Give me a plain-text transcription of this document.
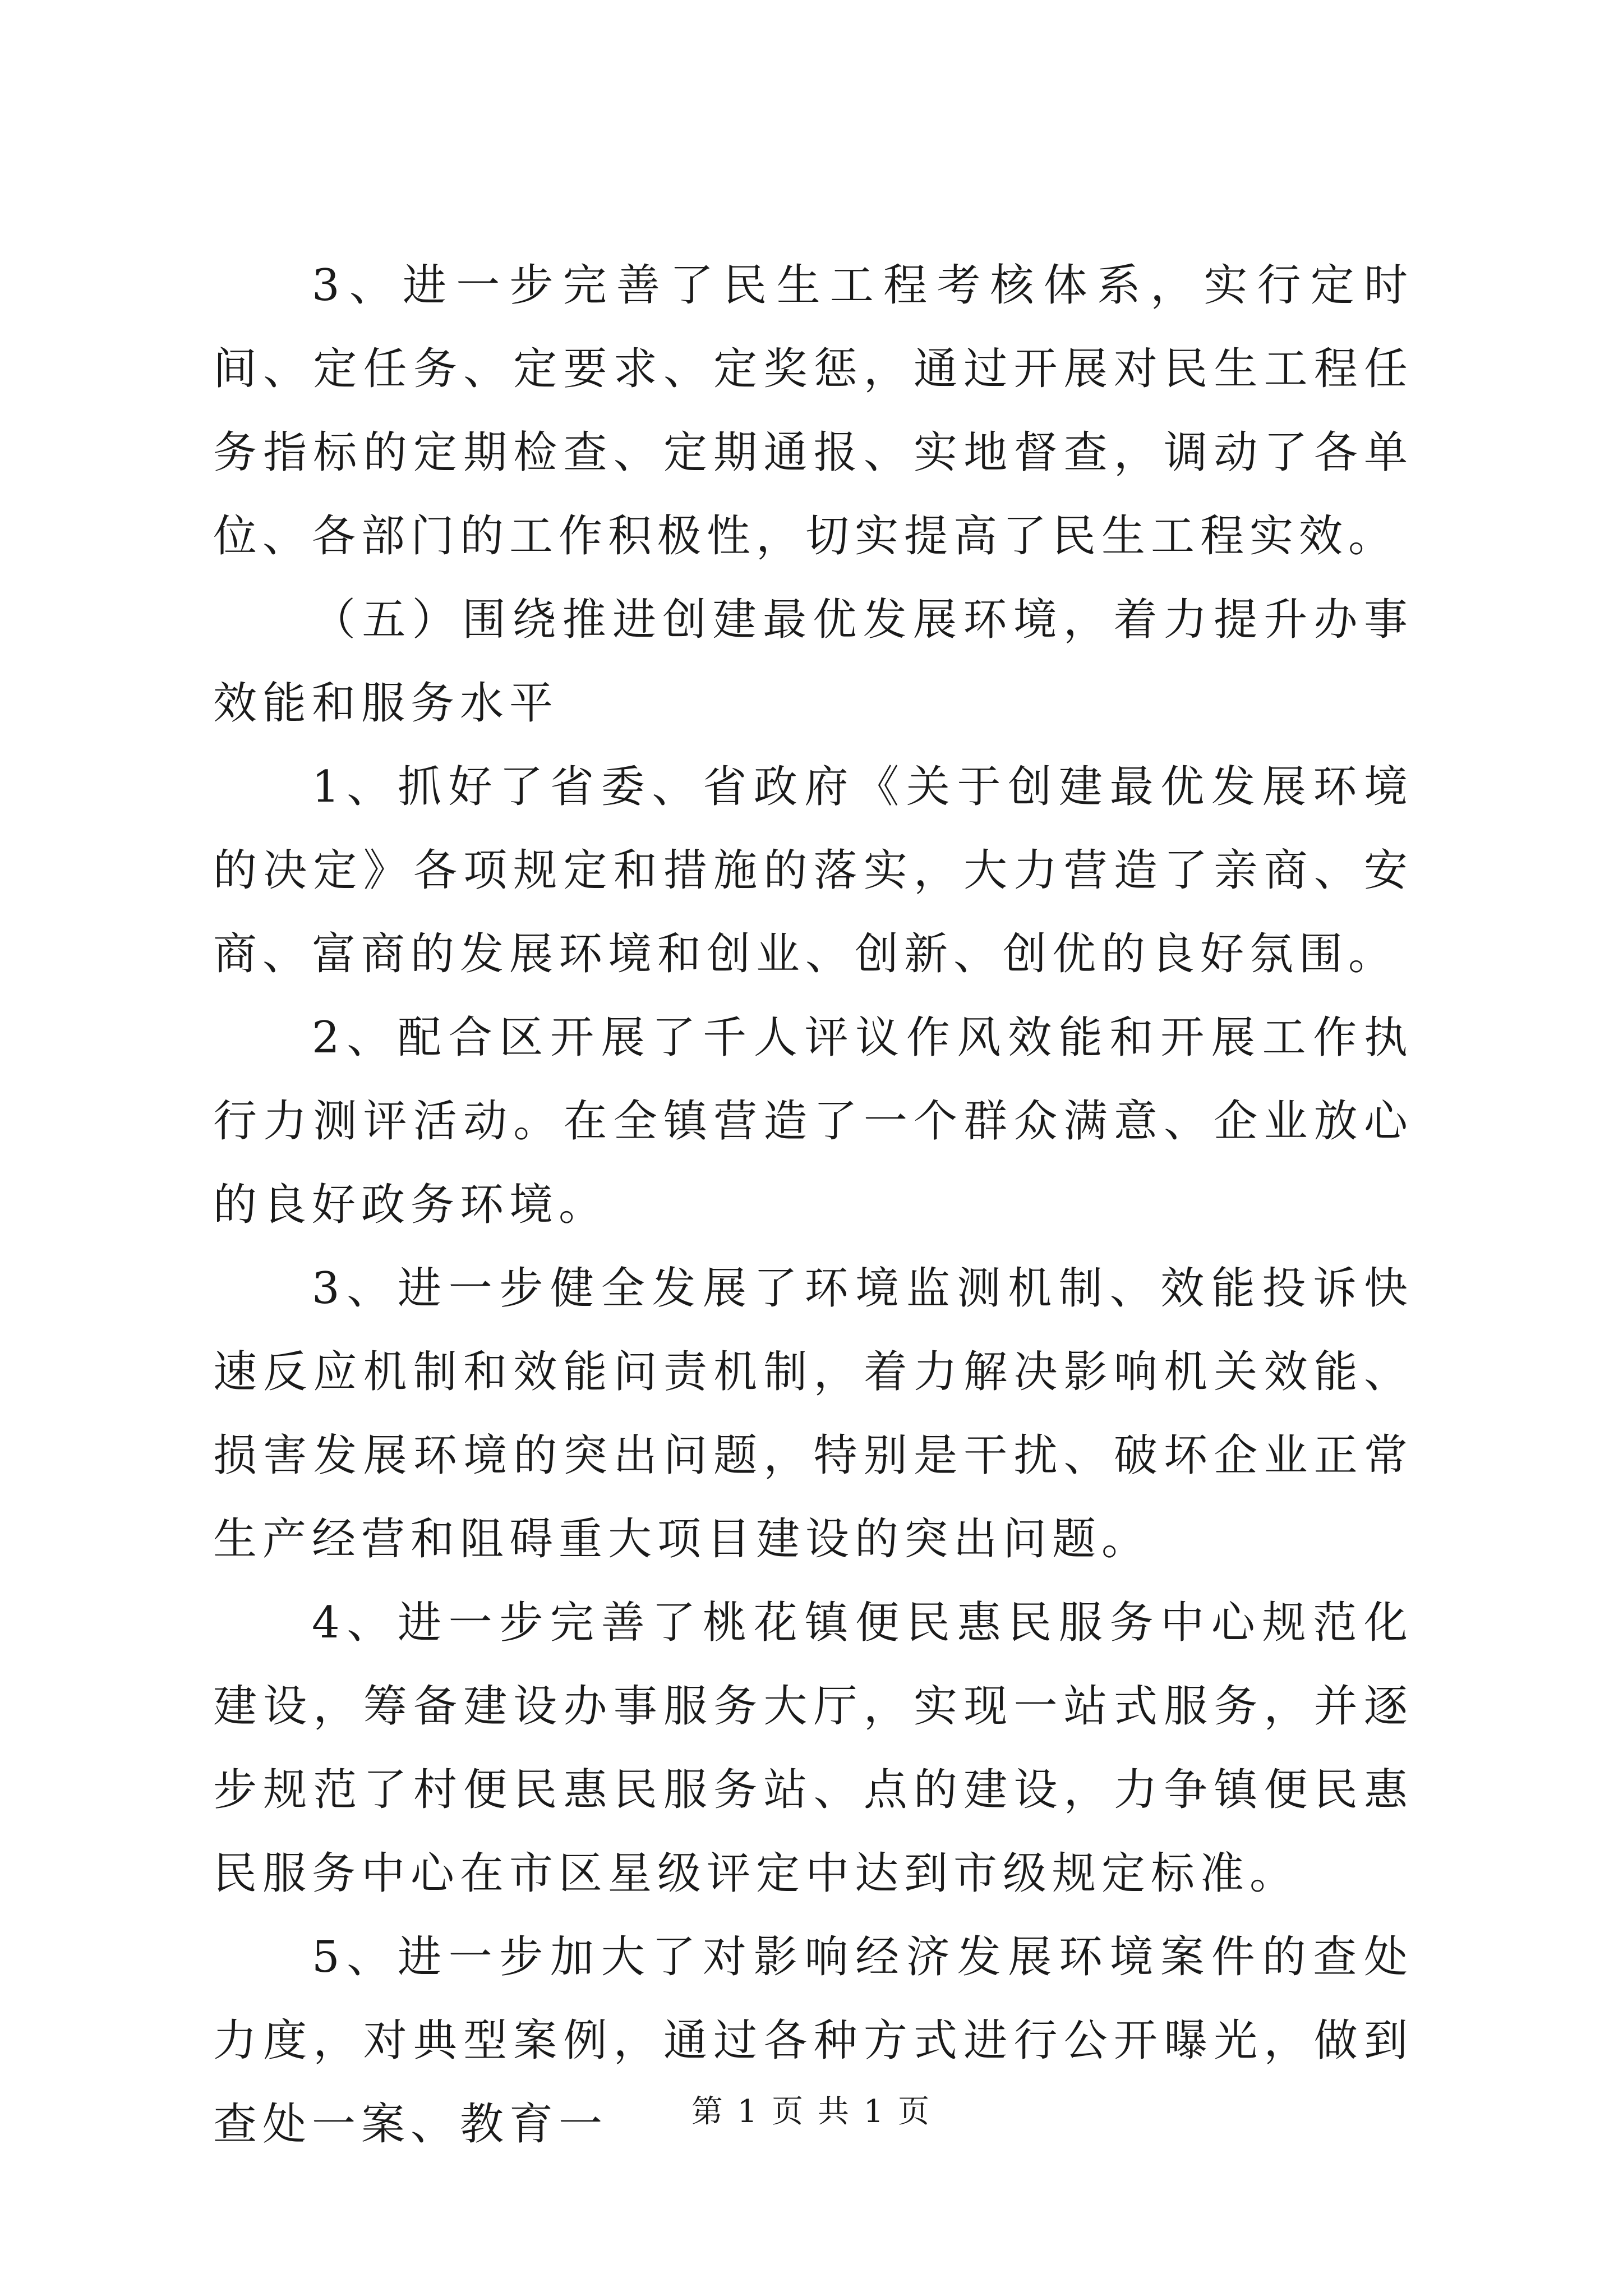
3、进一步完善了民生工程考核体系，实行定时间、定任务、定要求、定奖惩，通过开展对民生工程任务指标的定期检查、定期通报、实地督查，调动了各单位、各部门的工作积极性，切实提高了民生工程实效。

（五）围绕推进创建最优发展环境，着力提升办事效能和服务水平

1、抓好了省委、省政府《关于创建最优发展环境的决定》各项规定和措施的落实，大力营造了亲商、安商、富商的发展环境和创业、创新、创优的良好氛围。

2、配合区开展了千人评议作风效能和开展工作执行力测评活动。在全镇营造了一个群众满意、企业放心的良好政务环境。

3、进一步健全发展了环境监测机制、效能投诉快速反应机制和效能问责机制，着力解决影响机关效能、损害发展环境的突出问题，特别是干扰、破坏企业正常生产经营和阻碍重大项目建设的突出问题。

4、进一步完善了桃花镇便民惠民服务中心规范化建设，筹备建设办事服务大厅，实现一站式服务，并逐步规范了村便民惠民服务站、点的建设，力争镇便民惠民服务中心在市区星级评定中达到市级规定标准。

5、进一步加大了对影响经济发展环境案件的查处力度，对典型案例，通过各种方式进行公开曝光，做到查处一案、教育一	第 1 页 共 1 页
